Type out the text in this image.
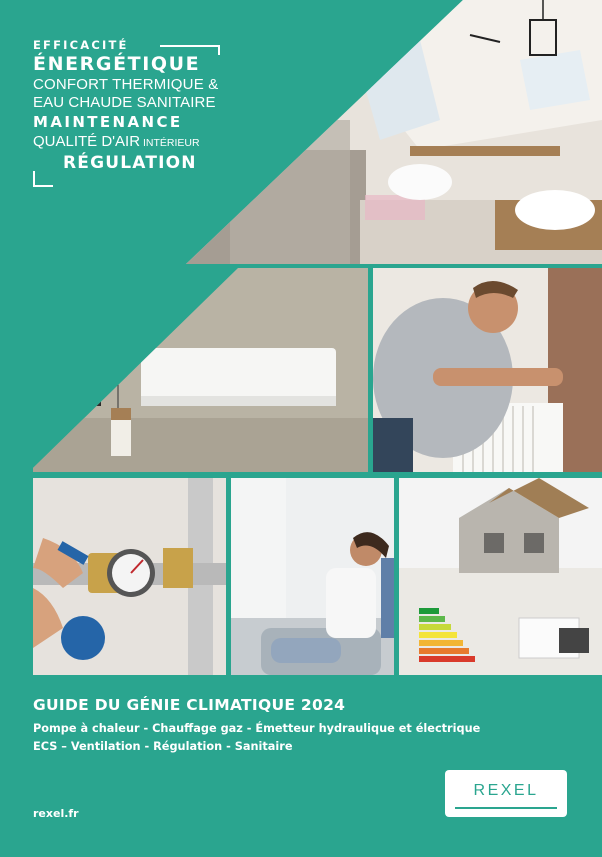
EFFICACITÉ
ÉNERGÉTIQUE
CONFORT THERMIQUE &
EAU CHAUDE SANITAIRE
MAINTENANCE
QUALITÉ D'AIR INTÉRIEUR
RÉGULATION
GUIDE DU GÉNIE CLIMATIQUE 2024
Pompe à chaleur - Chauffage gaz - Émetteur hydraulique et électrique
ECS – Ventilation - Régulation - Sanitaire
rexel.fr
REXEL
